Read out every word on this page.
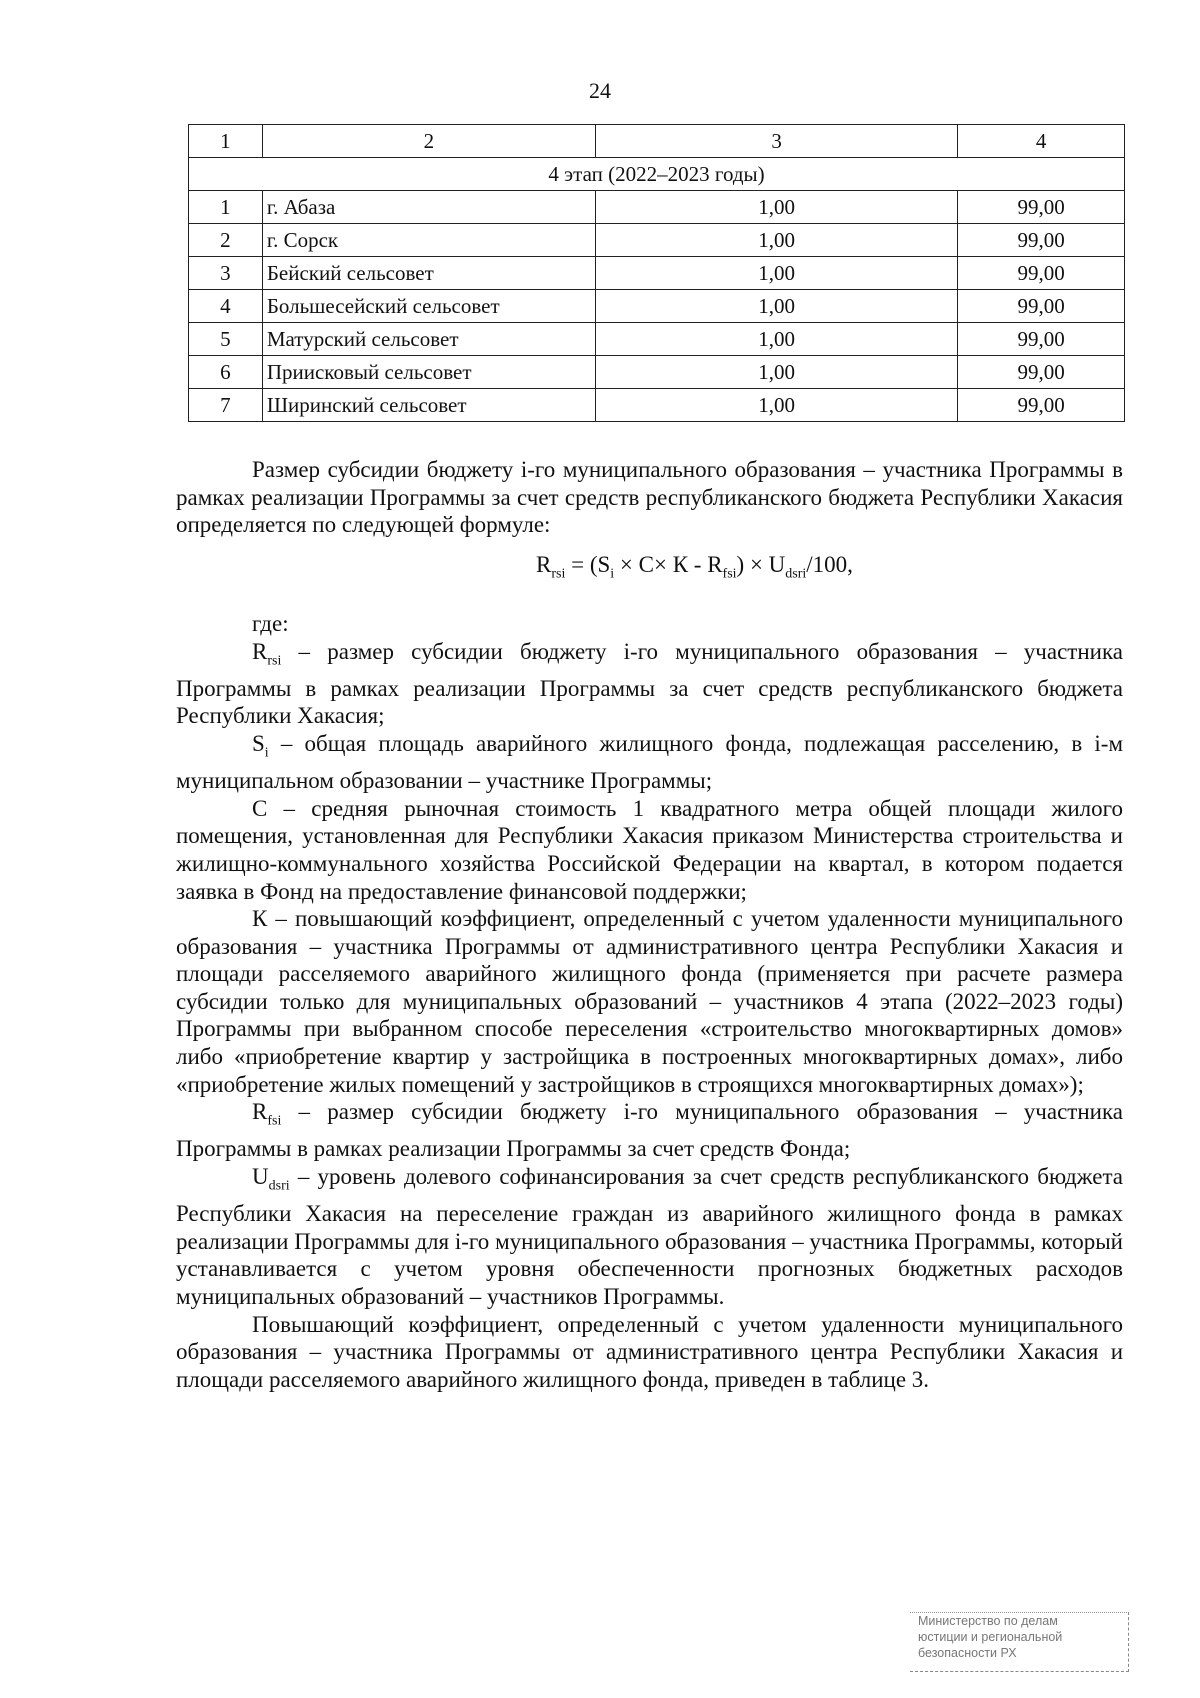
24
1	2	3	4
4 этап (2022–2023 годы)			
1	г. Абаза	1,00	99,00
2	г. Сорск	1,00	99,00
3	Бейский сельсовет	1,00	99,00
4	Большесейский сельсовет	1,00	99,00
5	Матурский сельсовет	1,00	99,00
6	Приисковый сельсовет	1,00	99,00
7	Ширинский сельсовет	1,00	99,00

Размер субсидии бюджету i-го муниципального образования – участника Программы в рамках реализации Программы за счет средств республиканского бюджета Республики Хакасия определяется по следующей формуле:

$R_{rsi} = (S_i \times C\times К - R_{fsi}) \times U_{dsri}/100$,

где:

$R_{rsi}$ – размер субсидии бюджету i-го муниципального образования – участника Программы в рамках реализации Программы за счет средств республиканского бюджета Республики Хакасия;

$S_i$ – общая площадь аварийного жилищного фонда, подлежащая расселению, в i-м муниципальном образовании – участнике Программы;

С – средняя рыночная стоимость 1 квадратного метра общей площади жилого помещения, установленная для Республики Хакасия приказом Министерства строительства и жилищно-коммунального хозяйства Российской Федерации на квартал, в котором подается заявка в Фонд на предоставление финансовой поддержки;

К – повышающий коэффициент, определенный с учетом удаленности муниципального образования – участника Программы от административного центра Республики Хакасия и площади расселяемого аварийного жилищного фонда (применяется при расчете размера субсидии только для муниципальных образований – участников 4 этапа (2022–2023 годы) Программы при выбранном способе переселения «строительство многоквартирных домов» либо «приобретение квартир у застройщика в построенных многоквартирных домах», либо «приобретение жилых помещений у застройщиков в строящихся многоквартирных домах»);

$R_{fsi}$ – размер субсидии бюджету i-го муниципального образования – участника Программы в рамках реализации Программы за счет средств Фонда;

$U_{dsri}$ – уровень долевого софинансирования за счет средств республиканского бюджета Республики Хакасия на переселение граждан из аварийного жилищного фонда в рамках реализации Программы для i-го муниципального образования – участника Программы, который устанавливается с учетом уровня обеспеченности прогнозных бюджетных расходов муниципальных образований – участников Программы.

Повышающий коэффициент, определенный с учетом удаленности муниципального образования – участника Программы от административного центра Республики Хакасия и площади расселяемого аварийного жилищного фонда, приведен в таблице 3.

Министерство по делам
юстиции и региональной
безопасности РХ
